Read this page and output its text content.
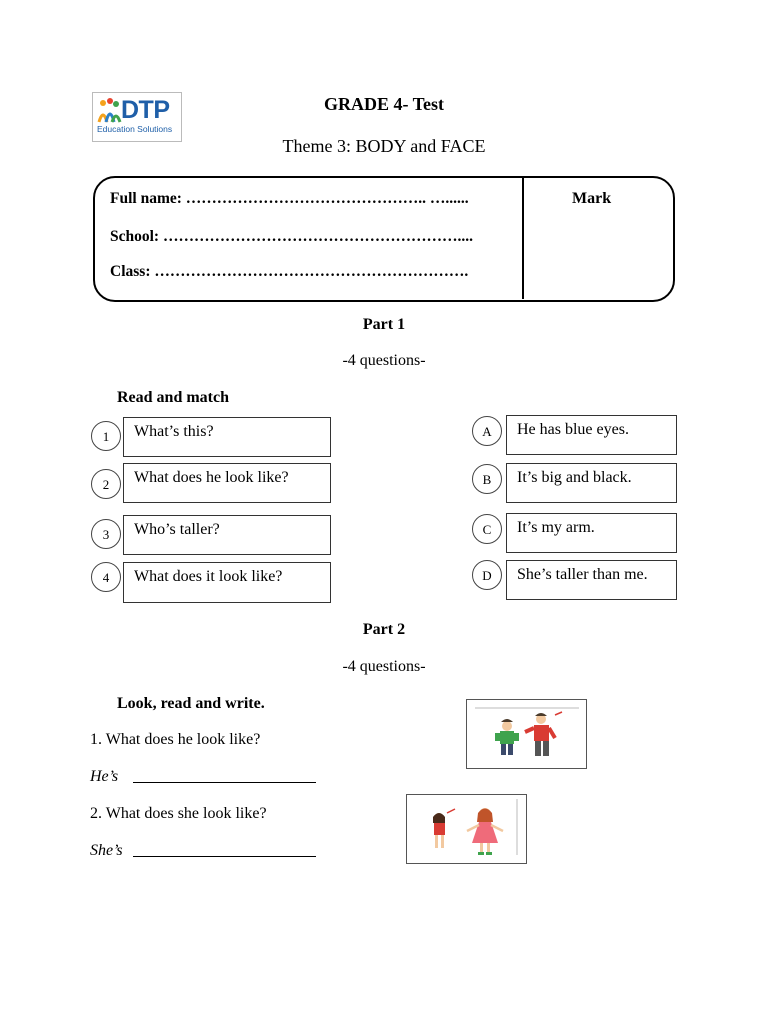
DTP
Education Solutions
GRADE 4- Test
Theme 3: BODY and FACE
Full name: ……………………………………….. …......
School: …………………………………………………....
Class: …………………………………………………….
Mark
Part 1
-4 questions-
Read and match
What’s this?
1
What does he look like?
2
Who’s taller?
3
What does it look like?
4
He has blue eyes.
A
It’s big and black.
B
It’s my arm.
C
She’s taller than me.
D
Part 2
-4 questions-
Look, read and write.
1. What does he look like?
He’s
2. What does she look like?
She’s
